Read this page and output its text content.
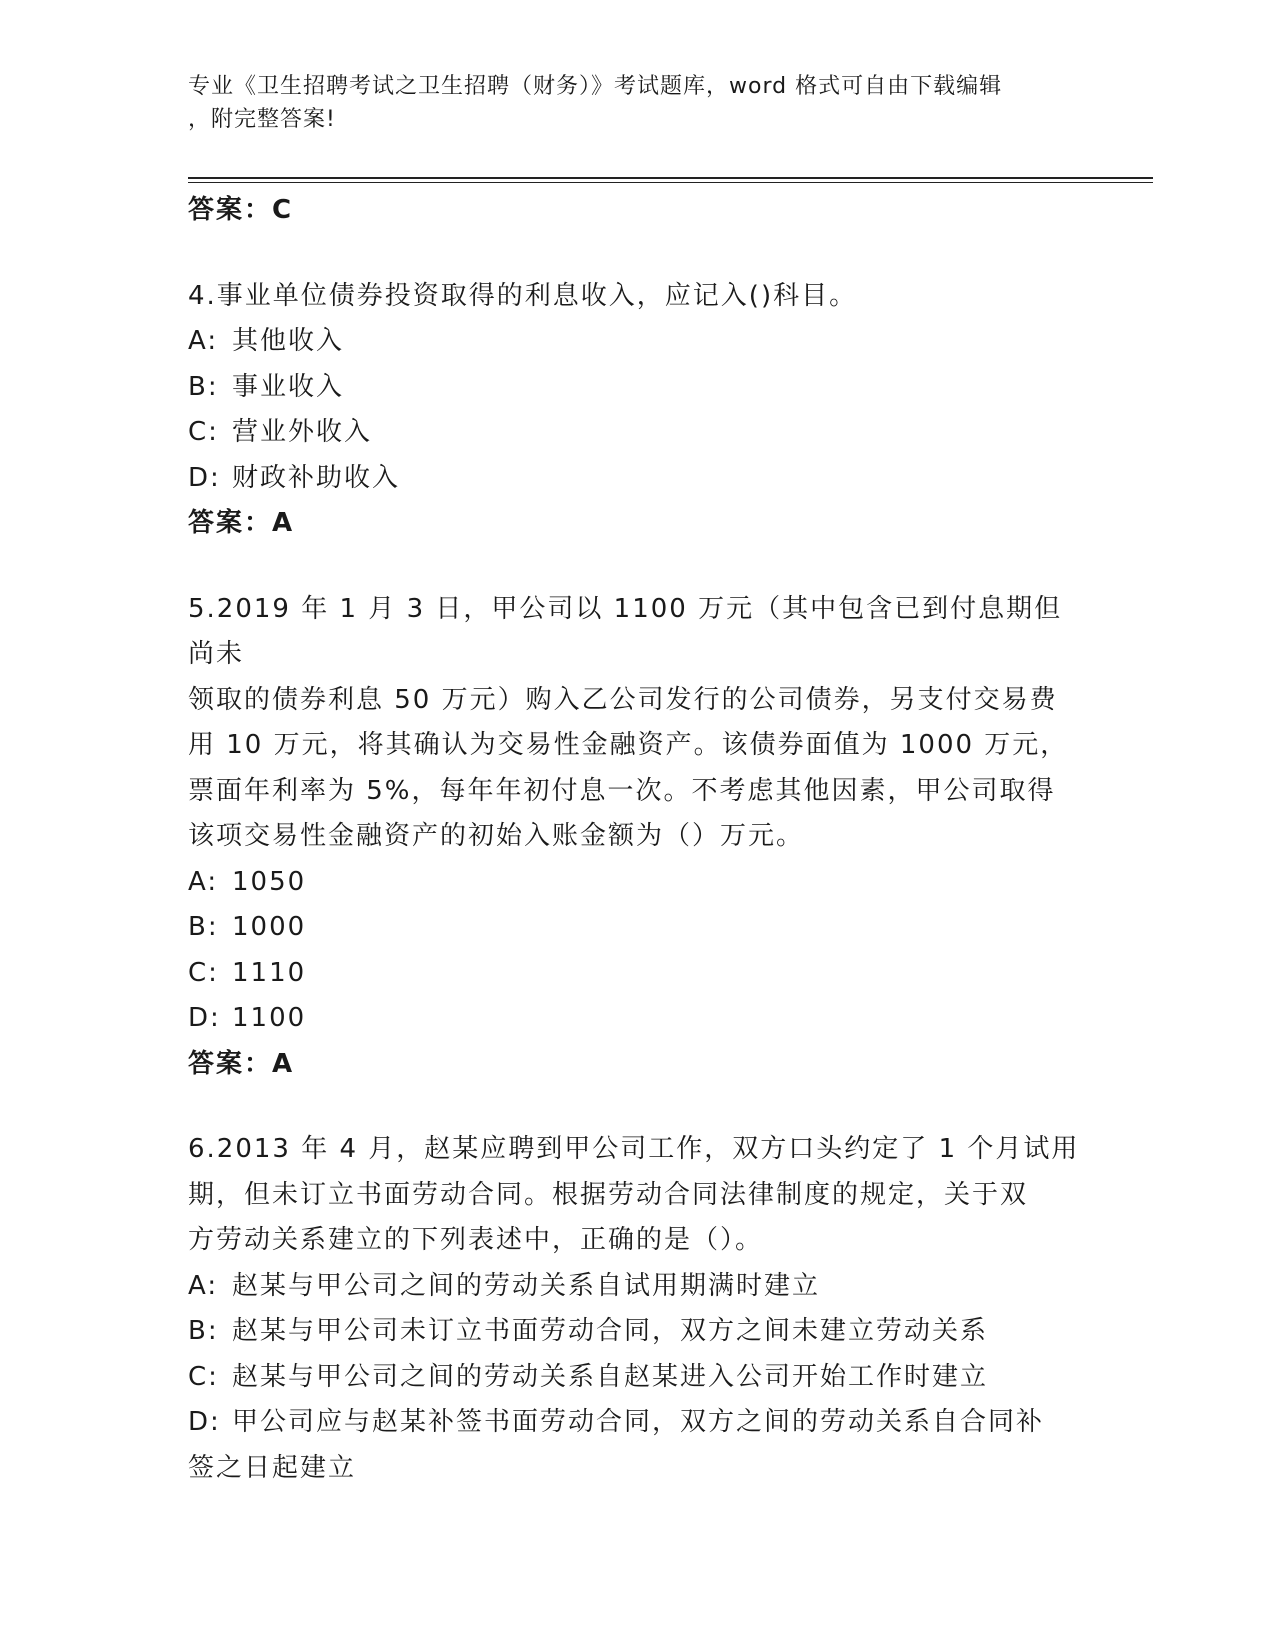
专业《卫生招聘考试之卫生招聘（财务）》考试题库，word 格式可自由下载编辑
，附完整答案!
答案：C
4.事业单位债券投资取得的利息收入，应记入()科目。
A: 其他收入
B: 事业收入
C: 营业外收入
D: 财政补助收入
答案：A
5.2019 年 1 月 3 日，甲公司以 1100 万元（其中包含已到付息期但尚未
领取的债券利息 50 万元）购入乙公司发行的公司债券，另支付交易费
用 10 万元，将其确认为交易性金融资产。该债券面值为 1000 万元，
票面年利率为 5%，每年年初付息一次。不考虑其他因素，甲公司取得
该项交易性金融资产的初始入账金额为（）万元。
A: 1050
B: 1000
C: 1110
D: 1100
答案：A
6.2013 年 4 月，赵某应聘到甲公司工作，双方口头约定了 1 个月试用
期，但未订立书面劳动合同。根据劳动合同法律制度的规定，关于双
方劳动关系建立的下列表述中，正确的是（）。
A: 赵某与甲公司之间的劳动关系自试用期满时建立
B: 赵某与甲公司未订立书面劳动合同，双方之间未建立劳动关系
C: 赵某与甲公司之间的劳动关系自赵某进入公司开始工作时建立
D: 甲公司应与赵某补签书面劳动合同，双方之间的劳动关系自合同补
签之日起建立
